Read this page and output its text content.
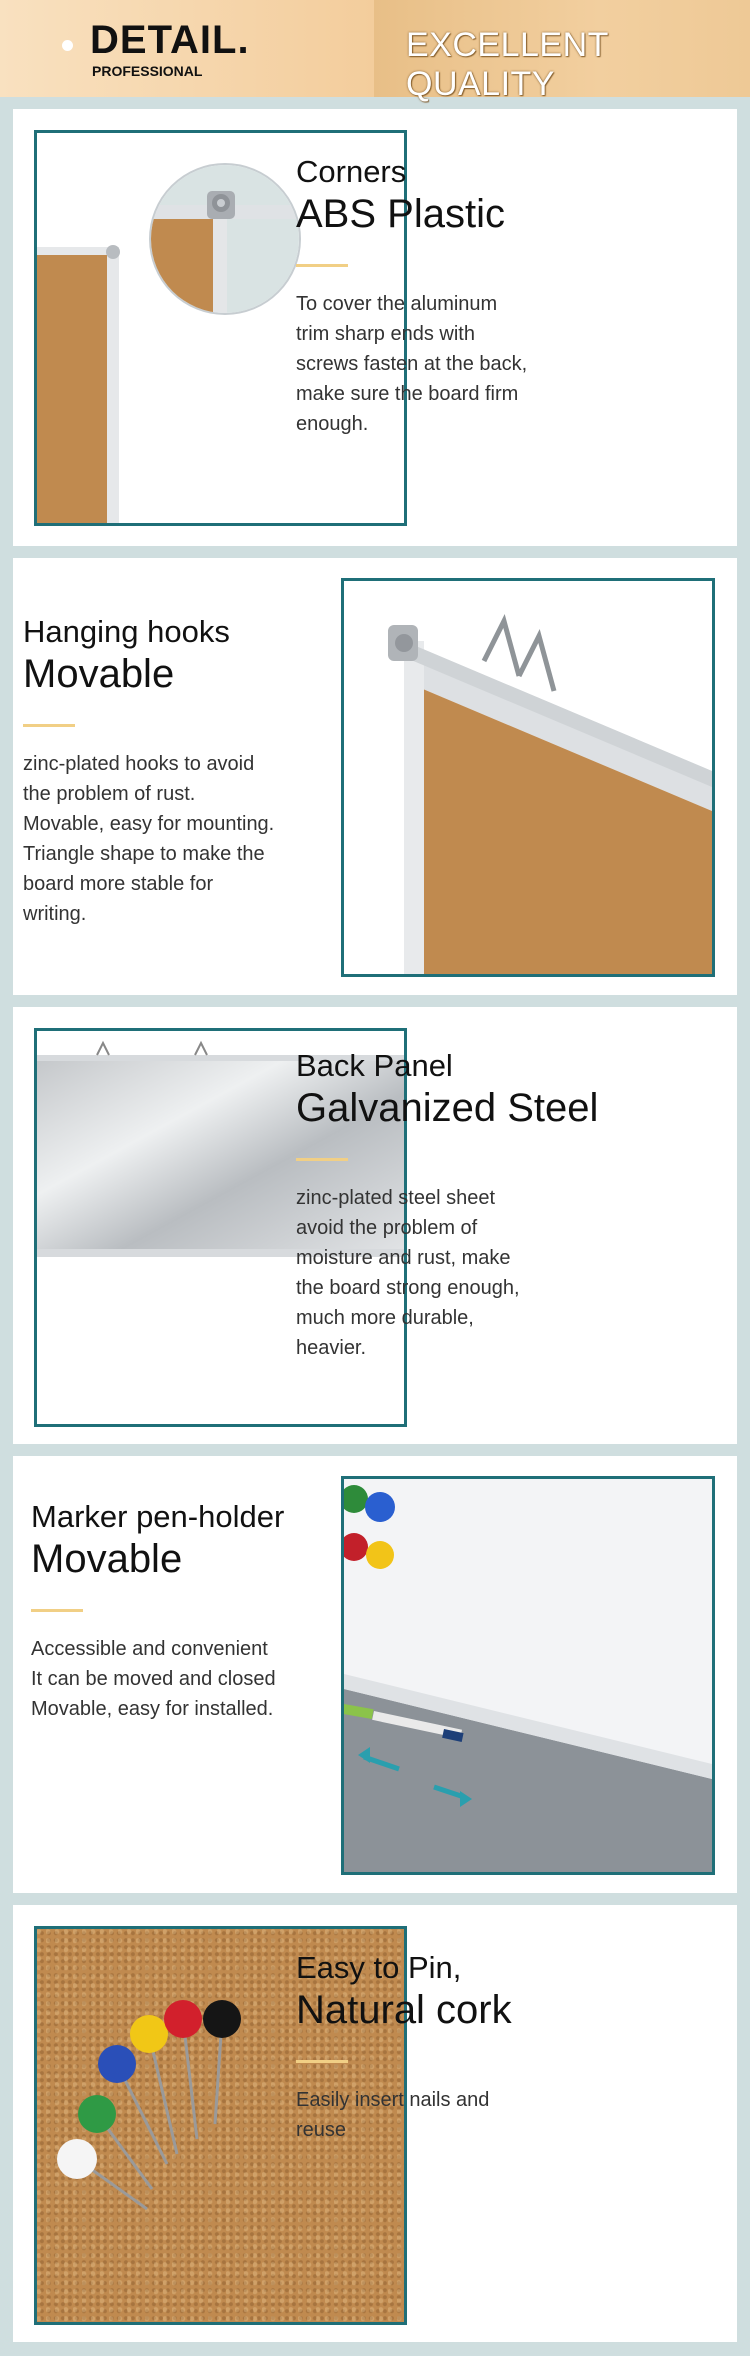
DETAIL.
PROFESSIONAL
EXCELLENT QUALITY
Corners
ABS Plastic
To cover the aluminum
trim sharp ends with
screws fasten at the back,
make sure the board firm
enough.
Hanging hooks
Movable
zinc-plated hooks to avoid
the problem of rust.
Movable, easy for mounting.
Triangle shape to make the
board more stable for
writing.
Back Panel
Galvanized Steel
zinc-plated steel sheet
avoid the problem of
moisture and rust, make
the board strong enough,
much more durable,
heavier.
Marker pen-holder
Movable
Accessible and convenient
It can be moved and closed
Movable, easy for installed.
Easy to Pin,
Natural cork
Easily insert nails and
reuse
